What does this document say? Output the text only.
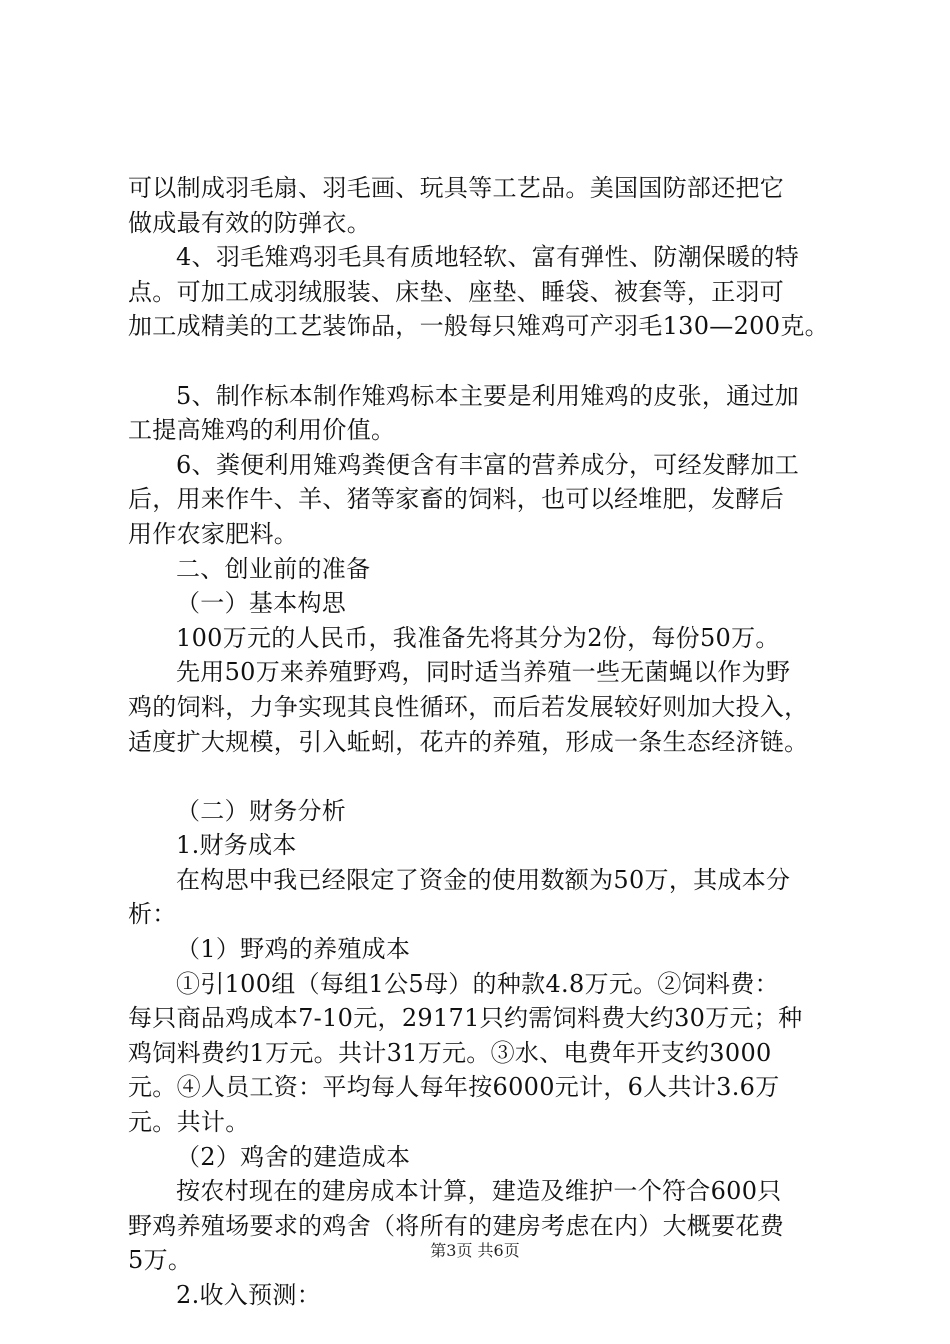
可以制成羽毛扇、羽毛画、玩具等工艺品。美国国防部还把它
做成最有效的防弹衣。
4、羽毛雉鸡羽毛具有质地轻软、富有弹性、防潮保暖的特
点。可加工成羽绒服装、床垫、座垫、睡袋、被套等，正羽可
加工成精美的工艺装饰品，一般每只雉鸡可产羽毛130—200克。
5、制作标本制作雉鸡标本主要是利用雉鸡的皮张，通过加
工提高雉鸡的利用价值。
6、粪便利用雉鸡粪便含有丰富的营养成分，可经发酵加工
后，用来作牛、羊、猪等家畜的饲料，也可以经堆肥，发酵后
用作农家肥料。
二、创业前的准备
（一）基本构思
100万元的人民币，我准备先将其分为2份，每份50万。
先用50万来养殖野鸡，同时适当养殖一些无菌蝇以作为野
鸡的饲料，力争实现其良性循环，而后若发展较好则加大投入，
适度扩大规模，引入蚯蚓，花卉的养殖，形成一条生态经济链。
（二）财务分析
1.财务成本
在构思中我已经限定了资金的使用数额为50万，其成本分
析：
（1）野鸡的养殖成本
①引100组（每组1公5母）的种款4.8万元。②饲料费：
每只商品鸡成本7-10元，29171只约需饲料费大约30万元；种
鸡饲料费约1万元。共计31万元。③水、电费年开支约3000
元。④人员工资：平均每人每年按6000元计，6人共计3.6万
元。共计。
（2）鸡舍的建造成本
按农村现在的建房成本计算，建造及维护一个符合600只
野鸡养殖场要求的鸡舍（将所有的建房考虑在内）大概要花费
5万。
2.收入预测：
第3页 共6页
